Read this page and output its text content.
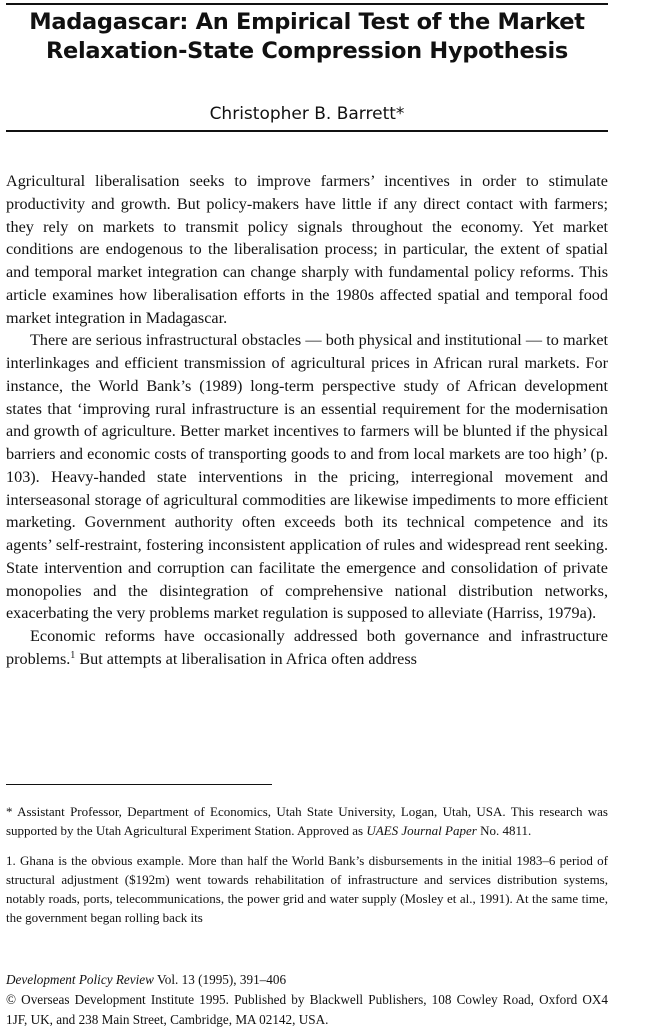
Madagascar: An Empirical Test of the Market
Relaxation-State Compression Hypothesis
Christopher B. Barrett*

Agricultural liberalisation seeks to improve farmers’ incentives in order to stimulate productivity and growth. But policy-makers have little if any direct contact with farmers; they rely on markets to transmit policy signals throughout the economy. Yet market conditions are endogenous to the liberalisation process; in particular, the extent of spatial and temporal market integration can change sharply with fundamental policy reforms. This article examines how liberalisation efforts in the 1980s affected spatial and temporal food market integration in Madagascar.

There are serious infrastructural obstacles — both physical and institutional — to market interlinkages and efficient transmission of agricultural prices in African rural markets. For instance, the World Bank’s (1989) long-term perspective study of African development states that ‘improving rural infrastructure is an essential requirement for the modernisation and growth of agriculture. Better market incentives to farmers will be blunted if the physical barriers and economic costs of transporting goods to and from local markets are too high’ (p. 103). Heavy-handed state interventions in the pricing, interregional movement and interseasonal storage of agricultural commodities are likewise impediments to more efficient marketing. Government authority often exceeds both its technical competence and its agents’ self-restraint, fostering inconsistent application of rules and widespread rent seeking. State intervention and corruption can facilitate the emergence and consolidation of private monopolies and the disintegration of comprehensive national distribution networks, exacerbating the very problems market regulation is supposed to alleviate (Harriss, 1979a).

Economic reforms have occasionally addressed both governance and infrastructure problems.$^1$ But attempts at liberalisation in Africa often address

* Assistant Professor, Department of Economics, Utah State University, Logan, Utah, USA. This research was supported by the Utah Agricultural Experiment Station. Approved as UAES Journal Paper No. 4811.

1. Ghana is the obvious example. More than half the World Bank’s disbursements in the initial 1983–6 period of structural adjustment ($192m) went towards rehabilitation of infrastructure and services distribution systems, notably roads, ports, telecommunications, the power grid and water supply (Mosley et al., 1991). At the same time, the government began rolling back its

Development Policy Review Vol. 13 (1995), 391–406

© Overseas Development Institute 1995. Published by Blackwell Publishers, 108 Cowley Road, Oxford OX4 1JF, UK, and 238 Main Street, Cambridge, MA 02142, USA.
